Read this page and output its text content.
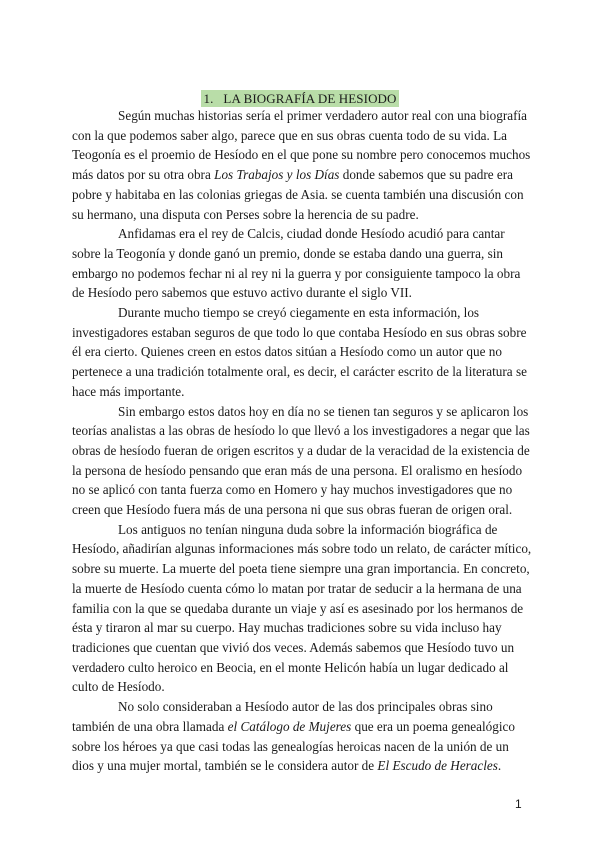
1. LA BIOGRAFÍA DE HESIODO

Según muchas historias sería el primer verdadero autor real con una biografía con la que podemos saber algo, parece que en sus obras cuenta todo de su vida. La Teogonía es el proemio de Hesíodo en el que pone su nombre pero conocemos muchos más datos por su otra obra Los Trabajos y los Días donde sabemos que su padre era pobre y habitaba en las colonias griegas de Asia. se cuenta también una discusión con su hermano, una disputa con Perses sobre la herencia de su padre.

Anfidamas era el rey de Calcis, ciudad donde Hesíodo acudió para cantar sobre la Teogonía y donde ganó un premio, donde se estaba dando una guerra, sin embargo no podemos fechar ni al rey ni la guerra y por consiguiente tampoco la obra de Hesíodo pero sabemos que estuvo activo durante el siglo VII.

Durante mucho tiempo se creyó ciegamente en esta información, los investigadores estaban seguros de que todo lo que contaba Hesíodo en sus obras sobre él era cierto. Quienes creen en estos datos sitúan a Hesíodo como un autor que no pertenece a una tradición totalmente oral, es decir, el carácter escrito de la literatura se hace más importante.

Sin embargo estos datos hoy en día no se tienen tan seguros y se aplicaron los teorías analistas a las obras de hesíodo lo que llevó a los investigadores a negar que las obras de hesíodo fueran de origen escritos y a dudar de la veracidad de la existencia de la persona de hesíodo pensando que eran más de una persona. El oralismo en hesíodo no se aplicó con tanta fuerza como en Homero y hay muchos investigadores que no creen que Hesíodo fuera más de una persona ni que sus obras fueran de origen oral.

Los antiguos no tenían ninguna duda sobre la información biográfica de Hesíodo, añadirían algunas informaciones más sobre todo un relato, de carácter mítico, sobre su muerte. La muerte del poeta tiene siempre una gran importancia. En concreto, la muerte de Hesíodo cuenta cómo lo matan por tratar de seducir a la hermana de una familia con la que se quedaba durante un viaje y así es asesinado por los hermanos de ésta y tiraron al mar su cuerpo. Hay muchas tradiciones sobre su vida incluso hay tradiciones que cuentan que vivió dos veces. Además sabemos que Hesíodo tuvo un verdadero culto heroico en Beocia, en el monte Helicón había un lugar dedicado al culto de Hesíodo.

No solo consideraban a Hesíodo autor de las dos principales obras sino también de una obra llamada el Catálogo de Mujeres que era un poema genealógico sobre los héroes ya que casi todas las genealogías heroicas nacen de la unión de un dios y una mujer mortal, también se le considera autor de El Escudo de Heracles.

1
